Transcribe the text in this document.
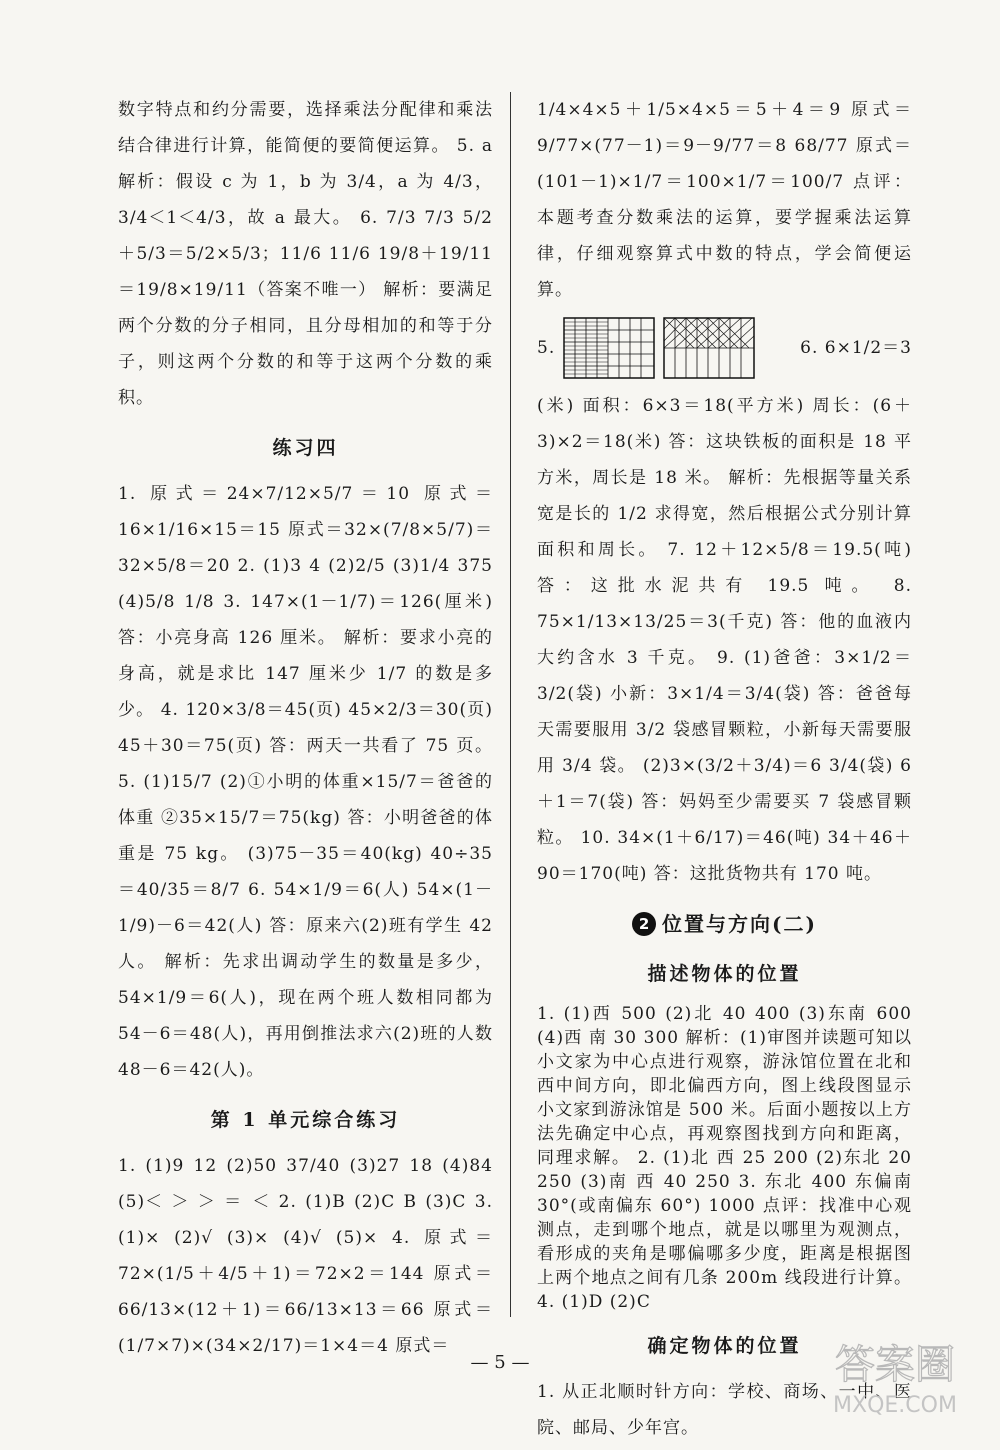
数字特点和约分需要，选择乘法分配律和乘法结合律进行计算，能简便的要简便运算。 5. a 解析：假设 c 为 1，b 为 3/4，a 为 4/3，3/4＜1＜4/3，故 a 最大。 6. 7/3 7/3 5/2＋5/3＝5/2×5/3；11/6 11/6 19/8＋19/11＝19/8×19/11（答案不唯一） 解析：要满足两个分数的分子相同，且分母相加的和等于分子，则这两个分数的和等于这两个分数的乘积。

练习四

1. 原式＝24×7/12×5/7＝10 原式＝16×1/16×15＝15 原式＝32×(7/8×5/7)＝32×5/8＝20 2. (1)3 4 (2)2/5 (3)1/4 375 (4)5/8 1/8 3. 147×(1－1/7)＝126(厘米) 答：小亮身高 126 厘米。 解析：要求小亮的身高，就是求比 147 厘米少 1/7 的数是多少。 4. 120×3/8＝45(页) 45×2/3＝30(页) 45＋30＝75(页) 答：两天一共看了 75 页。 5. (1)15/7 (2)①小明的体重×15/7＝爸爸的体重 ②35×15/7＝75(kg) 答：小明爸爸的体重是 75 kg。 (3)75－35＝40(kg) 40÷35＝40/35＝8/7 6. 54×1/9＝6(人) 54×(1－1/9)－6＝42(人) 答：原来六(2)班有学生 42 人。 解析：先求出调动学生的数量是多少，54×1/9＝6(人)，现在两个班人数相同都为 54－6＝48(人)，再用倒推法求六(2)班的人数 48－6＝42(人)。

第 1 单元综合练习

1. (1)9 12 (2)50 37/40 (3)27 18 (4)84 (5)＜ ＞ ＞ ＝ ＜ 2. (1)B (2)C B (3)C 3. (1)× (2)√ (3)× (4)√ (5)× 4. 原式＝72×(1/5＋4/5＋1)＝72×2＝144 原式＝66/13×(12＋1)＝66/13×13＝66 原式＝(1/7×7)×(34×2/17)＝1×4＝4 原式＝

1/4×4×5＋1/5×4×5＝5＋4＝9 原式＝9/77×(77－1)＝9－9/77＝8 68/77 原式＝(101－1)×1/7＝100×1/7＝100/7 点评：本题考查分数乘法的运算，要学握乘法运算律，仔细观察算式中数的特点，学会简便运算。

5.	6. 6×1/2＝3

(米) 面积：6×3＝18(平方米) 周长：(6＋3)×2＝18(米) 答：这块铁板的面积是 18 平方米，周长是 18 米。 解析：先根据等量关系宽是长的 1/2 求得宽，然后根据公式分别计算面积和周长。 7. 12＋12×5/8＝19.5(吨) 答：这批水泥共有 19.5 吨。 8. 75×1/13×13/25＝3(千克) 答：他的血液内大约含水 3 千克。 9. (1)爸爸：3×1/2＝3/2(袋) 小新：3×1/4＝3/4(袋) 答：爸爸每天需要服用 3/2 袋感冒颗粒，小新每天需要服用 3/4 袋。 (2)3×(3/2＋3/4)＝6 3/4(袋) 6＋1＝7(袋) 答：妈妈至少需要买 7 袋感冒颗粒。 10. 34×(1＋6/17)＝46(吨) 34＋46＋90＝170(吨) 答：这批货物共有 170 吨。

2 位置与方向(二)
描述物体的位置

1. (1)西 500 (2)北 40 400 (3)东南 600 (4)西 南 30 300 解析：(1)审图并读题可知以小文家为中心点进行观察，游泳馆位置在北和西中间方向，即北偏西方向，图上线段图显示小文家到游泳馆是 500 米。后面小题按以上方法先确定中心点，再观察图找到方向和距离，同理求解。 2. (1)北 西 25 200 (2)东北 20 250 (3)南 西 40 250 3. 东北 400 东偏南 30°(或南偏东 60°) 1000 点评：找准中心观测点，走到哪个地点，就是以哪里为观测点，看形成的夹角是哪偏哪多少度，距离是根据图上两个地点之间有几条 200m 线段进行计算。 4. (1)D (2)C

确定物体的位置

1. 从正北顺时针方向：学校、商场、一中、医院、邮局、少年宫。

— 5 —	答案圈
MXQE.COM
